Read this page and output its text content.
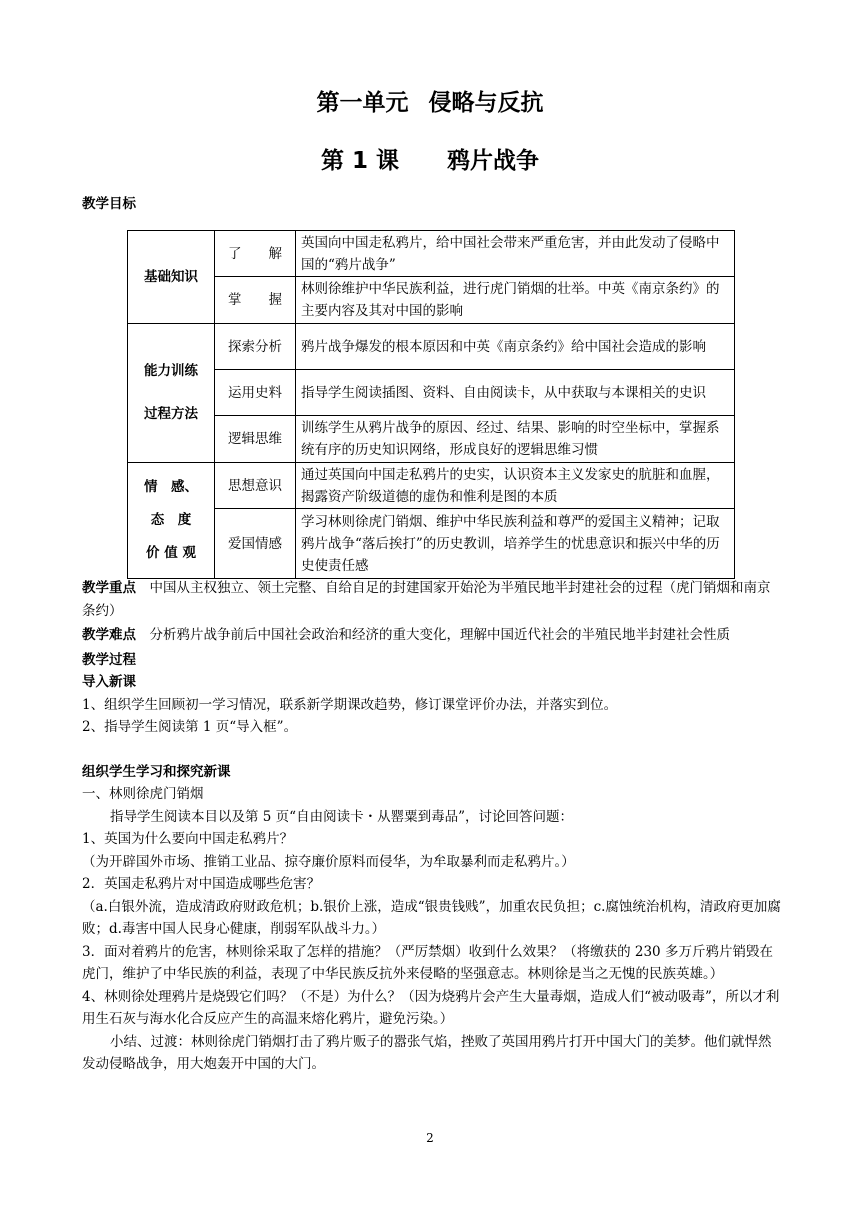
第一单元 侵略与反抗
第 1 课 鸦片战争
教学目标
基础知识	了　　解	英国向中国走私鸦片，给中国社会带来严重危害，并由此发动了侵略中国的“鸦片战争”
	掌　　握	林则徐维护中华民族利益，进行虎门销烟的壮举。中英《南京条约》的主要内容及其对中国的影响

能力训练
过程方法	探索分析	鸦片战争爆发的根本原因和中英《南京条约》给中国社会造成的影响
	运用史料	指导学生阅读插图、资料、自由阅读卡，从中获取与本课相关的史识
	逻辑思维	训练学生从鸦片战争的原因、经过、结果、影响的时空坐标中，掌握系统有序的历史知识网络，形成良好的逻辑思维习惯

情　感、
态　度
价 值 观	思想意识	通过英国向中国走私鸦片的史实，认识资本主义发家史的肮脏和血腥，揭露资产阶级道德的虚伪和惟利是图的本质
	爱国情感	学习林则徐虎门销烟、维护中华民族利益和尊严的爱国主义精神；记取鸦片战争“落后挨打”的历史教训，培养学生的忧患意识和振兴中华的历史使责任感

教学重点　 中国从主权独立、领土完整、自给自足的封建国家开始沦为半殖民地半封建社会的过程（虎门销烟和南京条约）

教学难点　 分析鸦片战争前后中国社会政治和经济的重大变化，理解中国近代社会的半殖民地半封建社会性质

教学过程

导入新课

1、组织学生回顾初一学习情况，联系新学期课改趋势，修订课堂评价办法，并落实到位。

2、指导学生阅读第 1 页“导入框”。

组织学生学习和探究新课

一、林则徐虎门销烟

指导学生阅读本目以及第 5 页“自由阅读卡・从罂粟到毒品”，讨论回答问题：

1、英国为什么要向中国走私鸦片？

（为开辟国外市场、推销工业品、掠夺廉价原料而侵华，为牟取暴利而走私鸦片。）

2．英国走私鸦片对中国造成哪些危害？

（a.白银外流，造成清政府财政危机；b.银价上涨，造成“银贵钱贱”，加重农民负担；c.腐蚀统治机构，清政府更加腐败；d.毒害中国人民身心健康，削弱军队战斗力。）

3．面对着鸦片的危害，林则徐采取了怎样的措施？（严厉禁烟）收到什么效果？（将缴获的 230 多万斤鸦片销毁在虎门，维护了中华民族的利益，表现了中华民族反抗外来侵略的坚强意志。林则徐是当之无愧的民族英雄。）

4、林则徐处理鸦片是烧毁它们吗？（不是）为什么？（因为烧鸦片会产生大量毒烟，造成人们“被动吸毒”，所以才利用生石灰与海水化合反应产生的高温来熔化鸦片，避免污染。）

小结、过渡：林则徐虎门销烟打击了鸦片贩子的嚣张气焰，挫败了英国用鸦片打开中国大门的美梦。他们就悍然发动侵略战争，用大炮轰开中国的大门。

2
